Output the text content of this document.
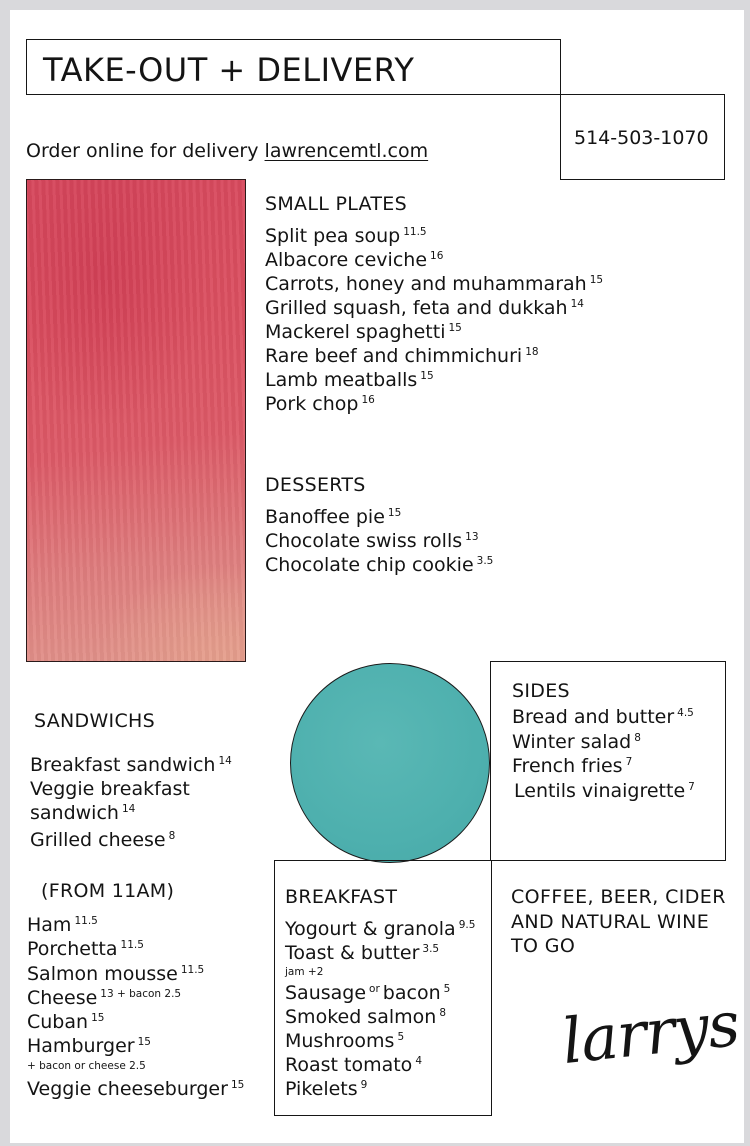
TAKE-OUT + DELIVERY
514-503-1070
Order online for delivery lawrencemtl.com
SMALL PLATES
Split pea soup $^{11.5}$
Albacore ceviche $^{16}$
Carrots, honey and muhammarah $^{15}$
Grilled squash, feta and dukkah $^{14}$
Mackerel spaghetti $^{15}$
Rare beef and chimmichuri $^{18}$
Lamb meatballs $^{15}$
Pork chop $^{16}$
DESSERTS
Banoffee pie $^{15}$
Chocolate swiss rolls $^{13}$
Chocolate chip cookie $^{3.5}$
SIDES
Bread and butter $^{4.5}$
Winter salad $^8$
French fries $^7$
Lentils vinaigrette $^7$
SANDWICHS
Breakfast sandwich $^{14}$
Veggie breakfast sandwich $^{14}$
Grilled cheese $^8$
(FROM 11AM)
Ham $^{11.5}$
Porchetta $^{11.5}$
Salmon mousse $^{11.5}$
Cheese $^{13 + bacon 2.5}$
Cuban $^{15}$
Hamburger $^{15}$
+ bacon or cheese 2.5
Veggie cheeseburger $^{15}$
BREAKFAST
Yogourt & granola $^{9.5}$
Toast & butter $^{3.5}$
jam +2
Sausage $^{or}$ bacon $^5$
Smoked salmon $^8$
Mushrooms $^5$
Roast tomato $^4$
Pikelets $^9$
COFFEE, BEER, CIDER
AND NATURAL WINE
TO GO
larrys
